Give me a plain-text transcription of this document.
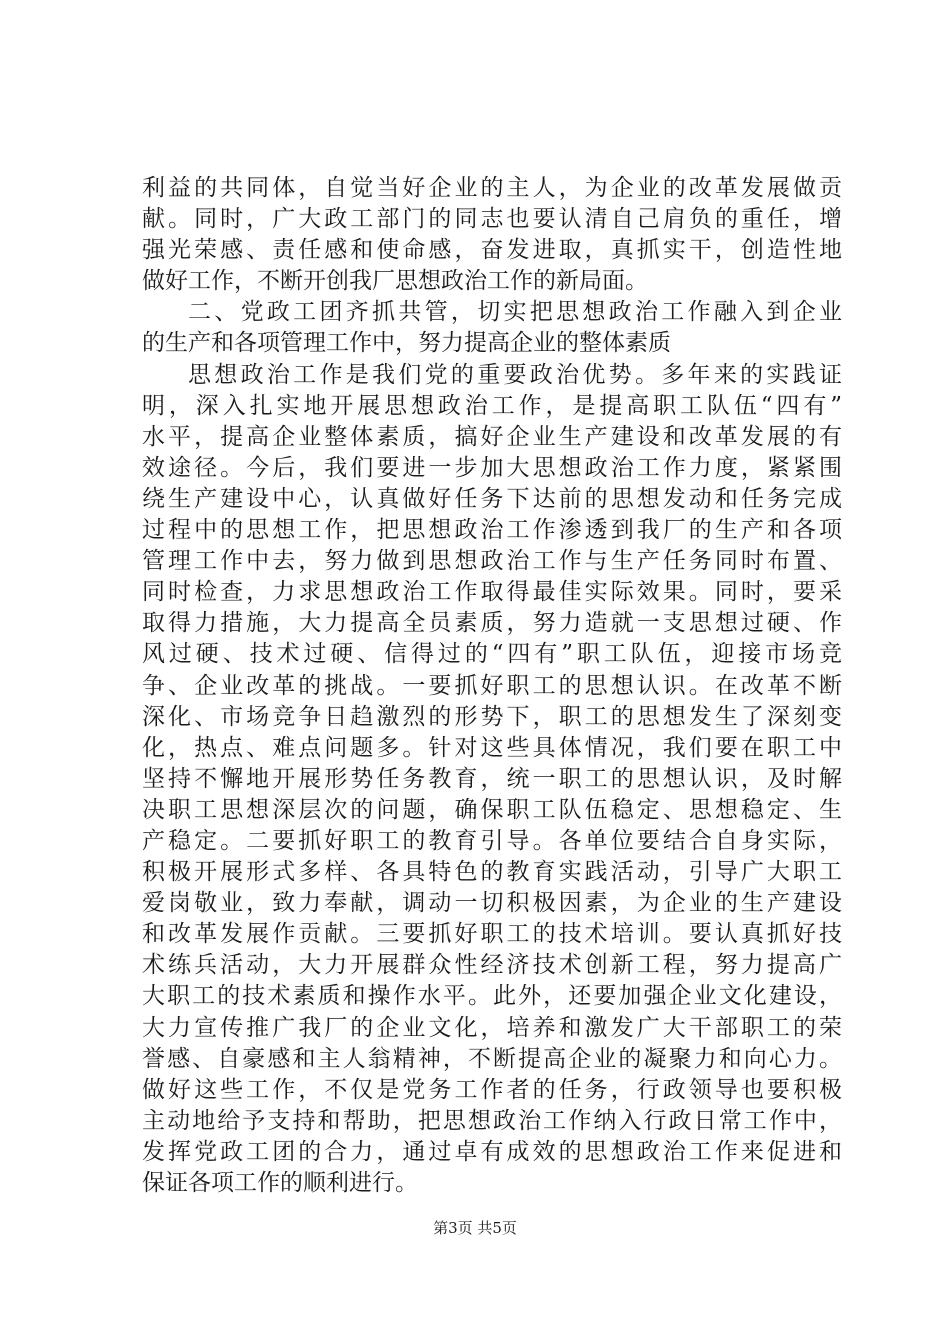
利益的共同体，自觉当好企业的主人，为企业的改革发展做贡
献。同时，广大政工部门的同志也要认清自己肩负的重任，增
强光荣感、责任感和使命感，奋发进取，真抓实干，创造性地
做好工作，不断开创我厂思想政治工作的新局面。
二、党政工团齐抓共管，切实把思想政治工作融入到企业
的生产和各项管理工作中，努力提高企业的整体素质
思想政治工作是我们党的重要政治优势。多年来的实践证
明，深入扎实地开展思想政治工作，是提高职工队伍“四有”
水平，提高企业整体素质，搞好企业生产建设和改革发展的有
效途径。今后，我们要进一步加大思想政治工作力度，紧紧围
绕生产建设中心，认真做好任务下达前的思想发动和任务完成
过程中的思想工作，把思想政治工作渗透到我厂的生产和各项
管理工作中去，努力做到思想政治工作与生产任务同时布置、
同时检查，力求思想政治工作取得最佳实际效果。同时，要采
取得力措施，大力提高全员素质，努力造就一支思想过硬、作
风过硬、技术过硬、信得过的“四有”职工队伍，迎接市场竞
争、企业改革的挑战。一要抓好职工的思想认识。在改革不断
深化、市场竞争日趋激烈的形势下，职工的思想发生了深刻变
化，热点、难点问题多。针对这些具体情况，我们要在职工中
坚持不懈地开展形势任务教育，统一职工的思想认识，及时解
决职工思想深层次的问题，确保职工队伍稳定、思想稳定、生
产稳定。二要抓好职工的教育引导。各单位要结合自身实际，
积极开展形式多样、各具特色的教育实践活动，引导广大职工
爱岗敬业，致力奉献，调动一切积极因素，为企业的生产建设
和改革发展作贡献。三要抓好职工的技术培训。要认真抓好技
术练兵活动，大力开展群众性经济技术创新工程，努力提高广
大职工的技术素质和操作水平。此外，还要加强企业文化建设，
大力宣传推广我厂的企业文化，培养和激发广大干部职工的荣
誉感、自豪感和主人翁精神，不断提高企业的凝聚力和向心力。
做好这些工作，不仅是党务工作者的任务，行政领导也要积极
主动地给予支持和帮助，把思想政治工作纳入行政日常工作中，
发挥党政工团的合力，通过卓有成效的思想政治工作来促进和
保证各项工作的顺利进行。
第3页 共5页
